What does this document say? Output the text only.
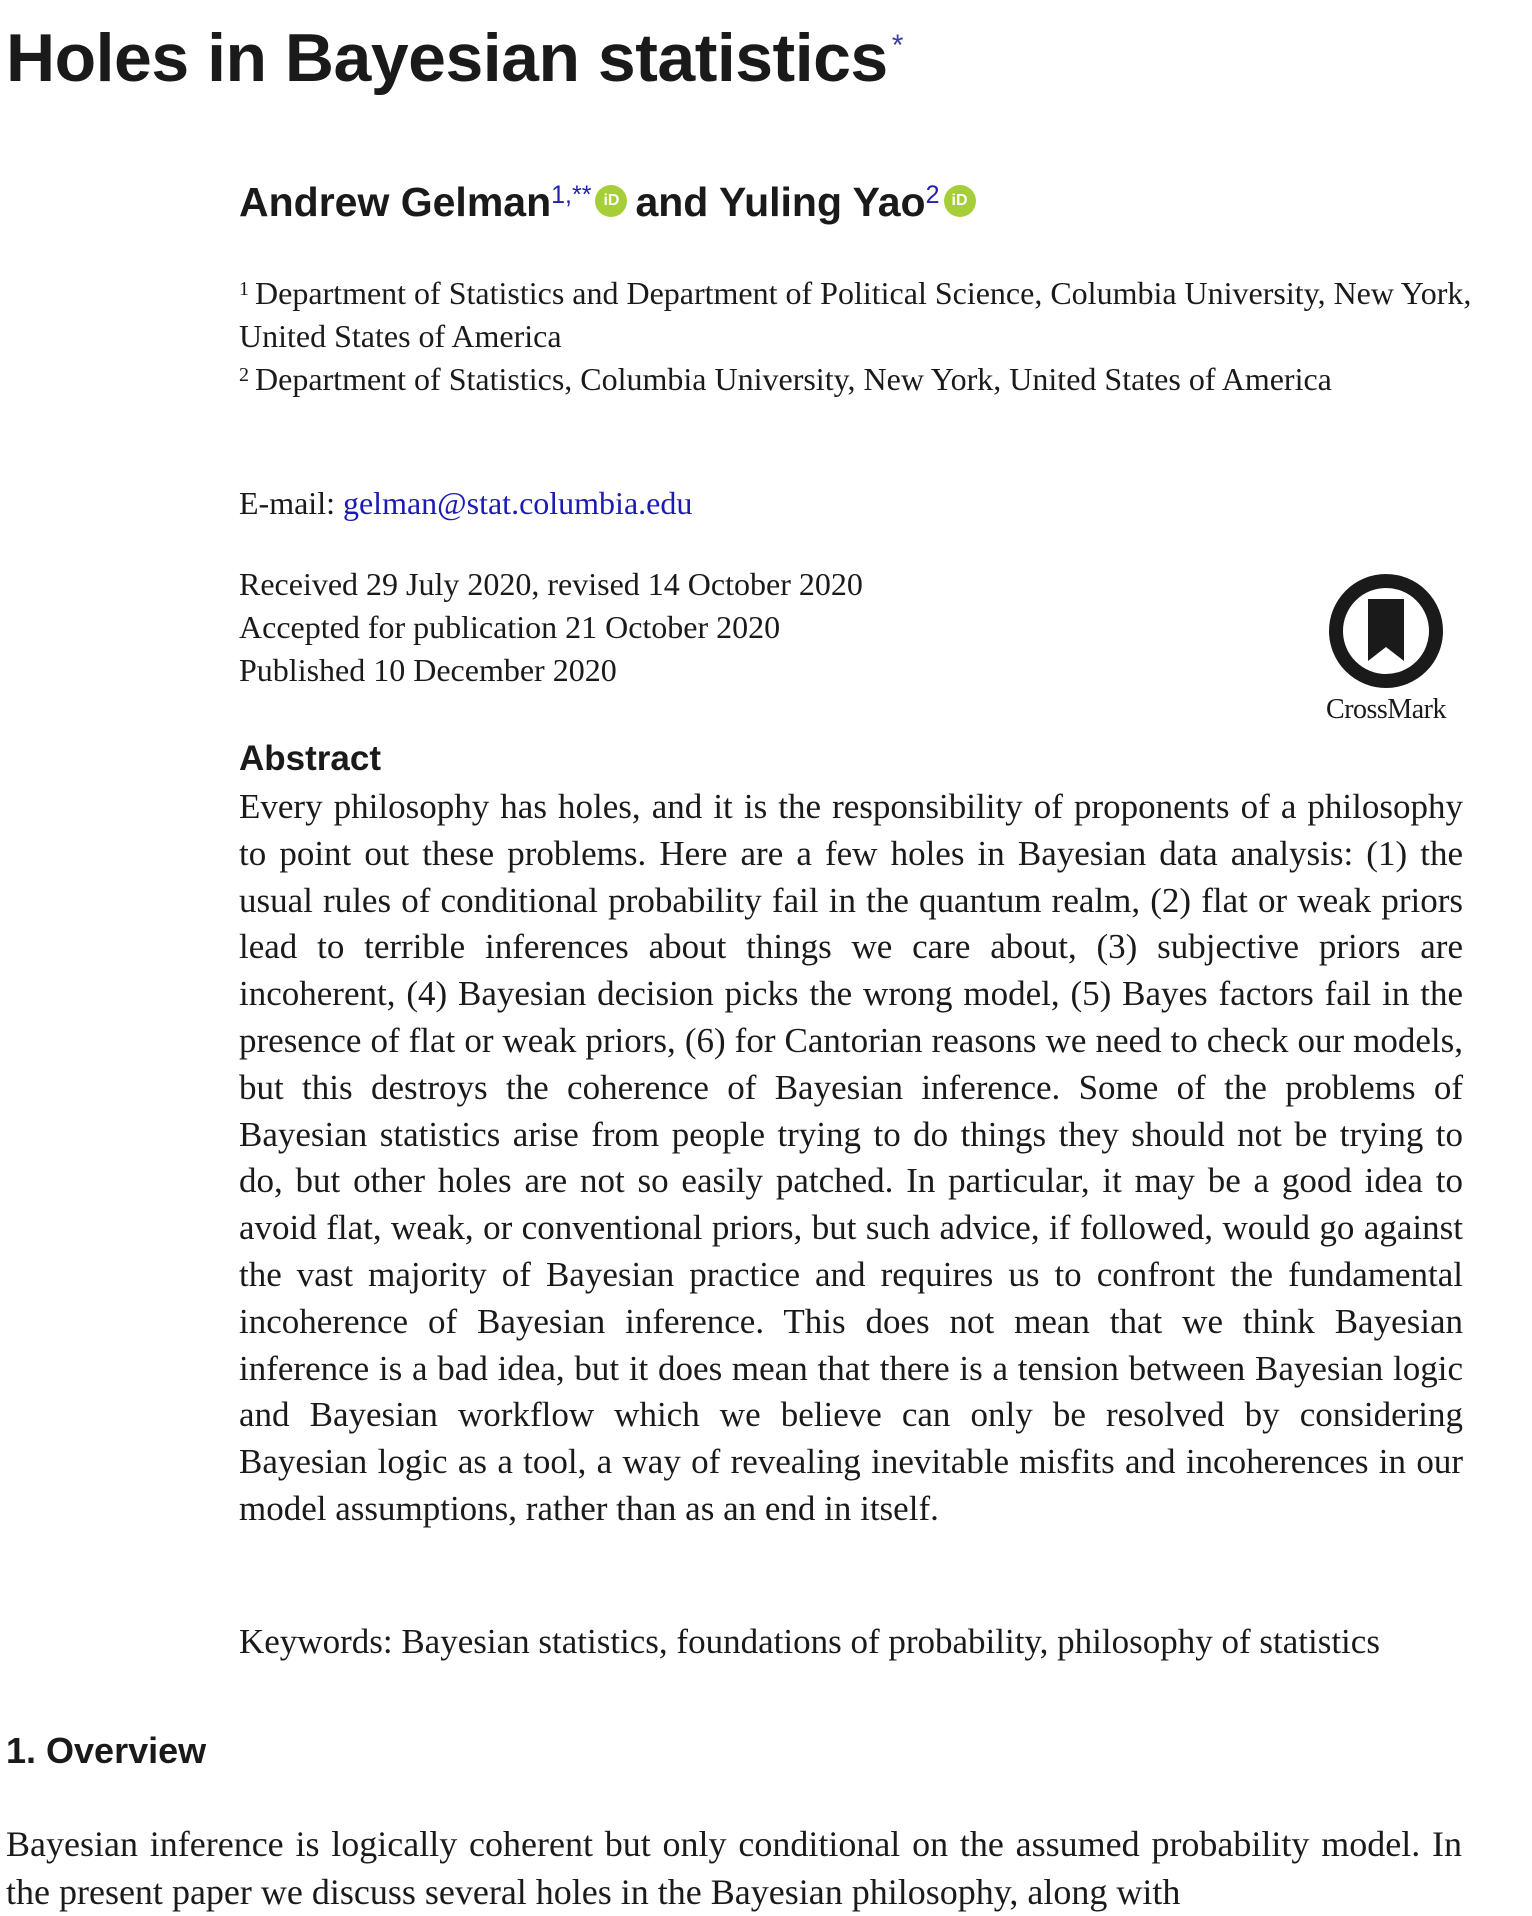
Holes in Bayesian statistics *
Andrew Gelman$^{1,**}$ iD and Yuling Yao$^2$ iD
$^1$ Department of Statistics and Department of Political Science, Columbia University, New York, United States of America
$^2$ Department of Statistics, Columbia University, New York, United States of America
E-mail: gelman@stat.columbia.edu
Received 29 July 2020, revised 14 October 2020
Accepted for publication 21 October 2020
Published 10 December 2020
CrossMark
Abstract

Every philosophy has holes, and it is the responsibility of proponents of a philosophy to point out these problems. Here are a few holes in Bayesian data analysis: (1) the usual rules of conditional probability fail in the quantum realm, (2) flat or weak priors lead to terrible inferences about things we care about, (3) subjective priors are incoherent, (4) Bayesian decision picks the wrong model, (5) Bayes factors fail in the presence of flat or weak priors, (6) for Cantorian reasons we need to check our models, but this destroys the coherence of Bayesian inference. Some of the problems of Bayesian statistics arise from people trying to do things they should not be trying to do, but other holes are not so easily patched. In particular, it may be a good idea to avoid flat, weak, or conventional priors, but such advice, if followed, would go against the vast majority of Bayesian practice and requires us to confront the fundamental incoherence of Bayesian inference. This does not mean that we think Bayesian inference is a bad idea, but it does mean that there is a tension between Bayesian logic and Bayesian workflow which we believe can only be resolved by considering Bayesian logic as a tool, a way of revealing inevitable misfits and incoherences in our model assumptions, rather than as an end in itself.

Keywords: Bayesian statistics, foundations of probability, philosophy of statistics

1. Overview

Bayesian inference is logically coherent but only conditional on the assumed probability model. In the present paper we discuss several holes in the Bayesian philosophy, along with
